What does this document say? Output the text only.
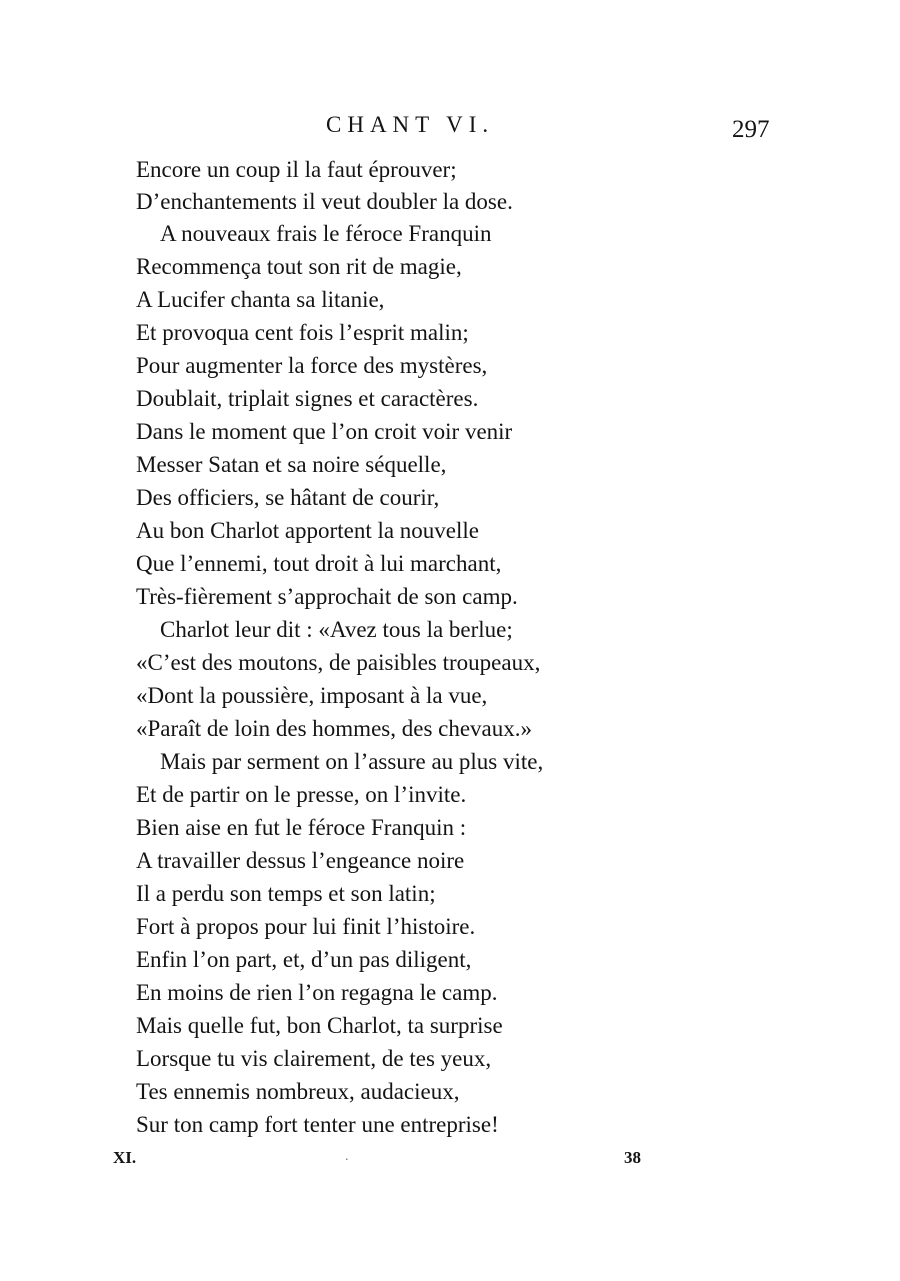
CHANT VI.	297
Encore un coup il la faut éprouver;
D’enchantements il veut doubler la dose.
A nouveaux frais le féroce Franquin
Recommença tout son rit de magie,
A Lucifer chanta sa litanie,
Et provoqua cent fois l’esprit malin;
Pour augmenter la force des mystères,
Doublait, triplait signes et caractères.
Dans le moment que l’on croit voir venir
Messer Satan et sa noire séquelle,
Des officiers, se hâtant de courir,
Au bon Charlot apportent la nouvelle
Que l’ennemi, tout droit à lui marchant,
Très-fièrement s’approchait de son camp.
Charlot leur dit : «Avez tous la berlue;
«C’est des moutons, de paisibles troupeaux,
«Dont la poussière, imposant à la vue,
«Paraît de loin des hommes, des chevaux.»
Mais par serment on l’assure au plus vite,
Et de partir on le presse, on l’invite.
Bien aise en fut le féroce Franquin :
A travailler dessus l’engeance noire
Il a perdu son temps et son latin;
Fort à propos pour lui finit l’histoire.
Enfin l’on part, et, d’un pas diligent,
En moins de rien l’on regagna le camp.
Mais quelle fut, bon Charlot, ta surprise
Lorsque tu vis clairement, de tes yeux,
Tes ennemis nombreux, audacieux,
Sur ton camp fort tenter une entreprise!
XI.	.	38
